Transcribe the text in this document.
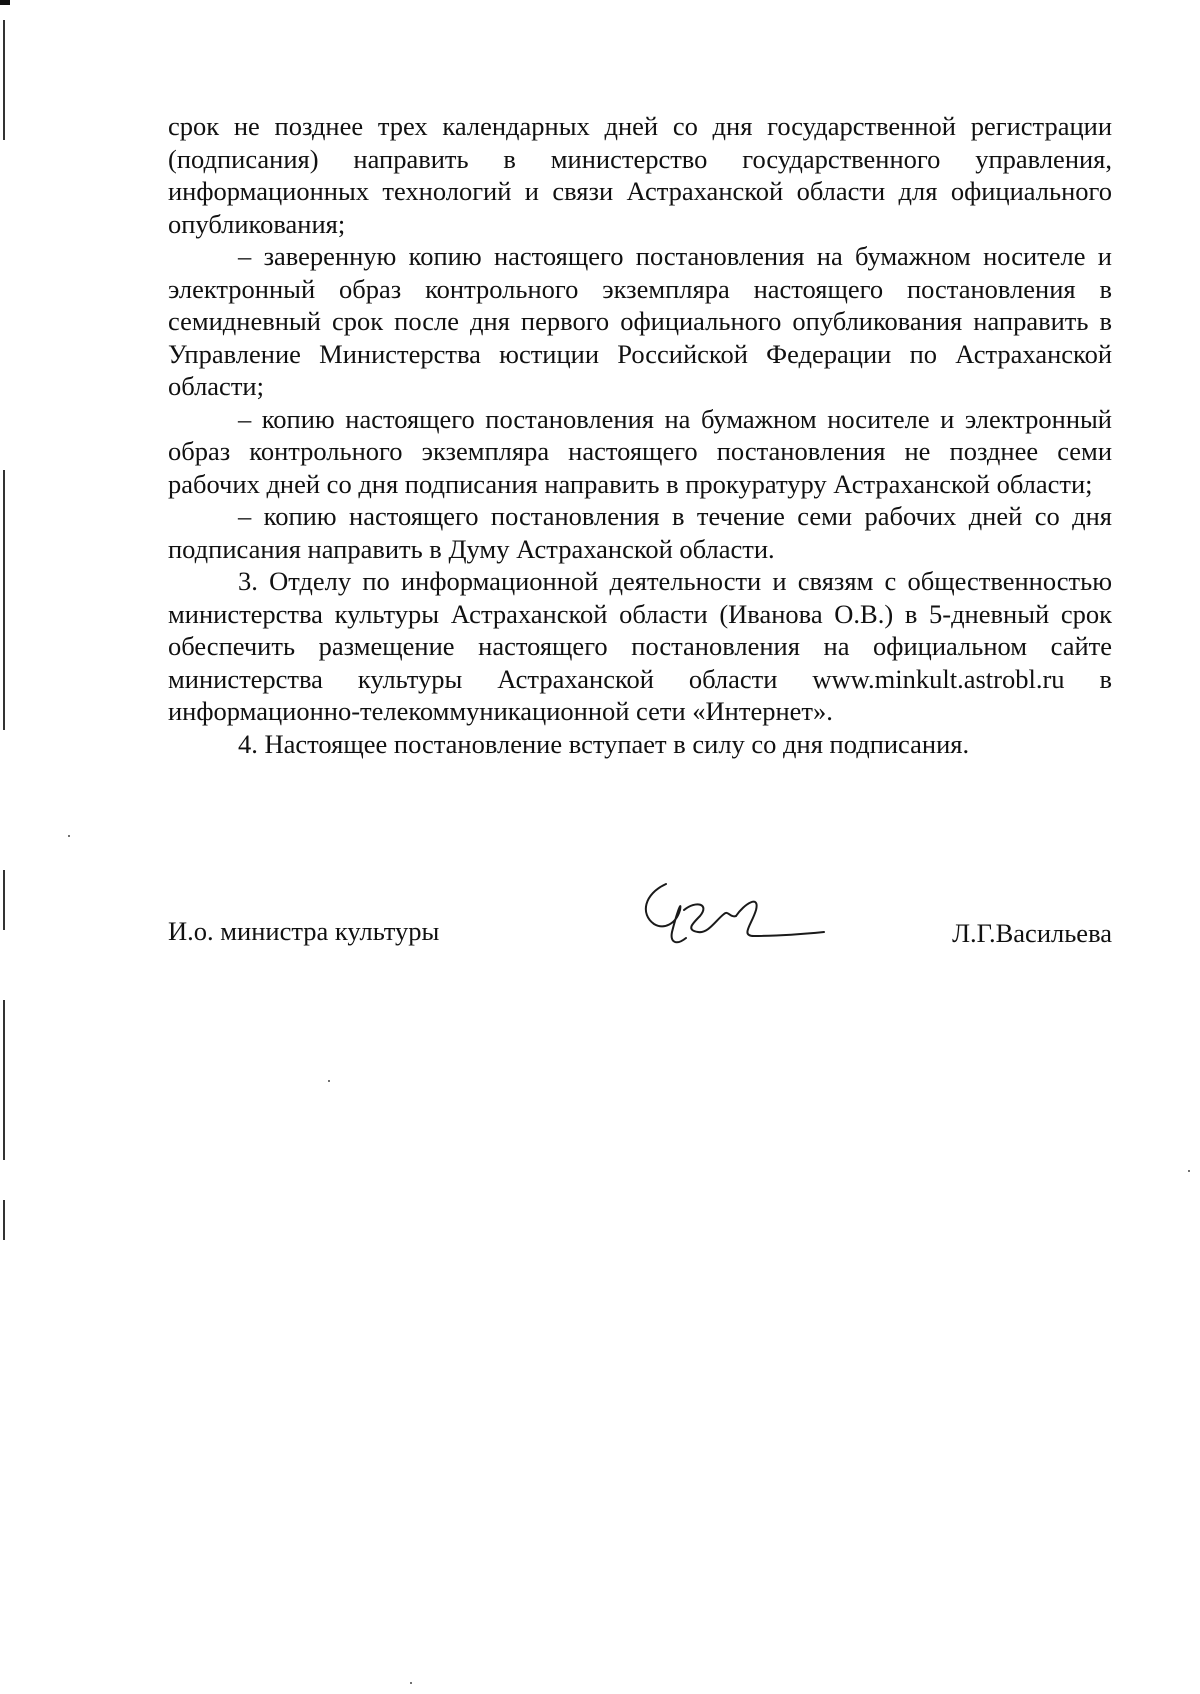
срок не позднее трех календарных дней со дня государственной регистрации (подписания) направить в министерство государственного управления, информационных технологий и связи Астраханской области для официального опубликования;

– заверенную копию настоящего постановления на бумажном носителе и электронный образ контрольного экземпляра настоящего постановления в семидневный срок после дня первого официального опубликования направить в Управление Министерства юстиции Российской Федерации по Астраханской области;

– копию настоящего постановления на бумажном носителе и электронный образ контрольного экземпляра настоящего постановления не позднее семи рабочих дней со дня подписания направить в прокуратуру Астраханской области;

– копию настоящего постановления в течение семи рабочих дней со дня подписания направить в Думу Астраханской области.

3. Отделу по информационной деятельности и связям с общественностью министерства культуры Астраханской области (Иванова О.В.) в 5-дневный срок обеспечить размещение настоящего постановления на официальном сайте министерства культуры Астраханской области www.minkult.astrobl.ru в информационно-телекоммуникационной сети «Интернет».

4. Настоящее постановление вступает в силу со дня подписания.

И.о. министра культуры	Л.Г.Васильева
